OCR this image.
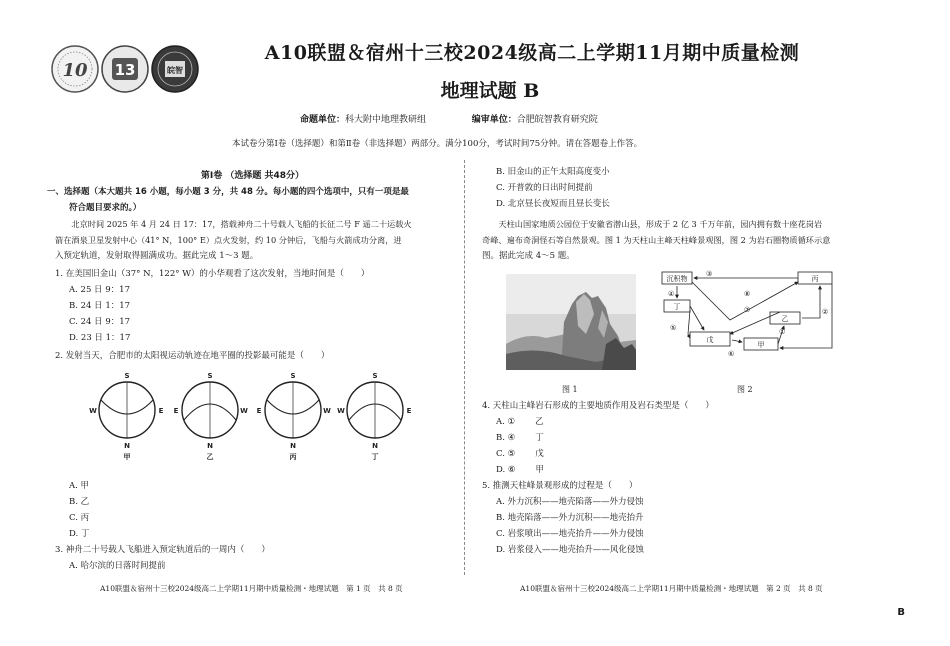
10 13	皖智
A10联盟＆宿州十三校2024级高二上学期11月期中质量检测
地理试题 B
命题单位：科大附中地理教研组	编审单位：合肥皖智教育研究院
本试卷分第Ⅰ卷（选择题）和第Ⅱ卷（非选择题）两部分。满分100分，考试时间75分钟。请在答题卷上作答。
第Ⅰ卷 （选择题 共48分）
一、选择题（本大题共 16 小题，每小题 3 分，共 48 分。每小题的四个选项中，只有一项是最
符合题目要求的。）
北京时间 2025 年 4 月 24 日 17：17，搭载神舟二十号载人飞船的长征二号 F 遥二十运载火
箭在酒泉卫星发射中心（41° N，100° E）点火发射，约 10 分钟后，飞船与火箭成功分离，进
入预定轨道，发射取得圆满成功。据此完成 1～3 题。
1. 在美国旧金山（37° N，122° W）的小华观看了这次发射，当地时间是（　　）
A. 25 日 9：17
B. 24 日 1：17
C. 24 日 9：17
D. 23 日 1：17
2. 发射当天，合肥市的太阳视运动轨迹在地平圈的投影最可能是（　　）
S
N
W	E
甲
S
N
E	W
乙
S
N
E	W
丙
S
N
W	E
丁
A. 甲
B. 乙
C. 丙
D. 丁
3. 神舟二十号载人飞船进入预定轨道后的一周内（　　）
A. 哈尔滨的日落时间提前
A10联盟＆宿州十三校2024级高二上学期11月期中质量检测・地理试题　第 1 页　共 8 页
B. 旧金山的正午太阳高度变小
C. 开普敦的日出时间提前
D. 北京昼长夜短而且昼长变长
天柱山国家地质公园位于安徽省潜山县，形成于 2 亿 3 千万年前，园内拥有数十座花岗岩
奇峰、遍布奇洞怪石等自然景观。图 1 为天柱山主峰天柱峰景观图，图 2 为岩石圈物质循环示意
图。据此完成 4～5 题。
图 1
沉积物
丁
丙
乙
戊
甲
③
④
⑤
⑥
⑦
⑧
①
②
图 2
4. 天柱山主峰岩石形成的主要地质作用及岩石类型是（　　）
A. ① 乙
B. ④ 丁
C. ⑤ 戊
D. ⑥ 甲
5. 推测天柱峰景观形成的过程是（　　）
A. 外力沉积——地壳陷落——外力侵蚀
B. 地壳陷落——外力沉积——地壳抬升
C. 岩浆喷出——地壳抬升——外力侵蚀
D. 岩浆侵入——地壳抬升——风化侵蚀
A10联盟＆宿州十三校2024级高二上学期11月期中质量检测・地理试题　第 2 页　共 8 页
B
